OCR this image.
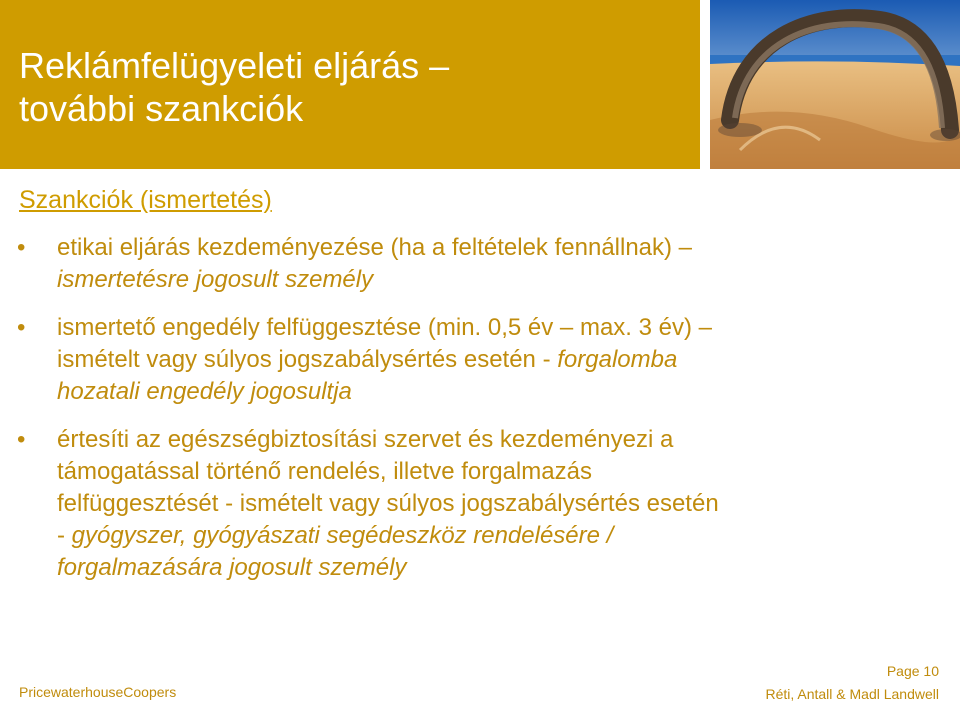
Reklámfelügyeleti eljárás –
további szankciók
Szankciók (ismertetés)
•	etikai eljárás kezdeményezése (ha a feltételek fennállnak) –
ismertetésre jogosult személy
•	ismertető engedély felfüggesztése (min. 0,5 év – max. 3 év) –
ismételt vagy súlyos jogszabálysértés esetén - forgalomba
hozatali engedély jogosultja
•	értesíti az egészségbiztosítási szervet és kezdeményezi a
támogatással történő rendelés, illetve forgalmazás
felfüggesztését - ismételt vagy súlyos jogszabálysértés esetén
- gyógyszer, gyógyászati segédeszköz rendelésére /
forgalmazására jogosult személy
PricewaterhouseCoopers
Page 10
Réti, Antall & Madl Landwell
